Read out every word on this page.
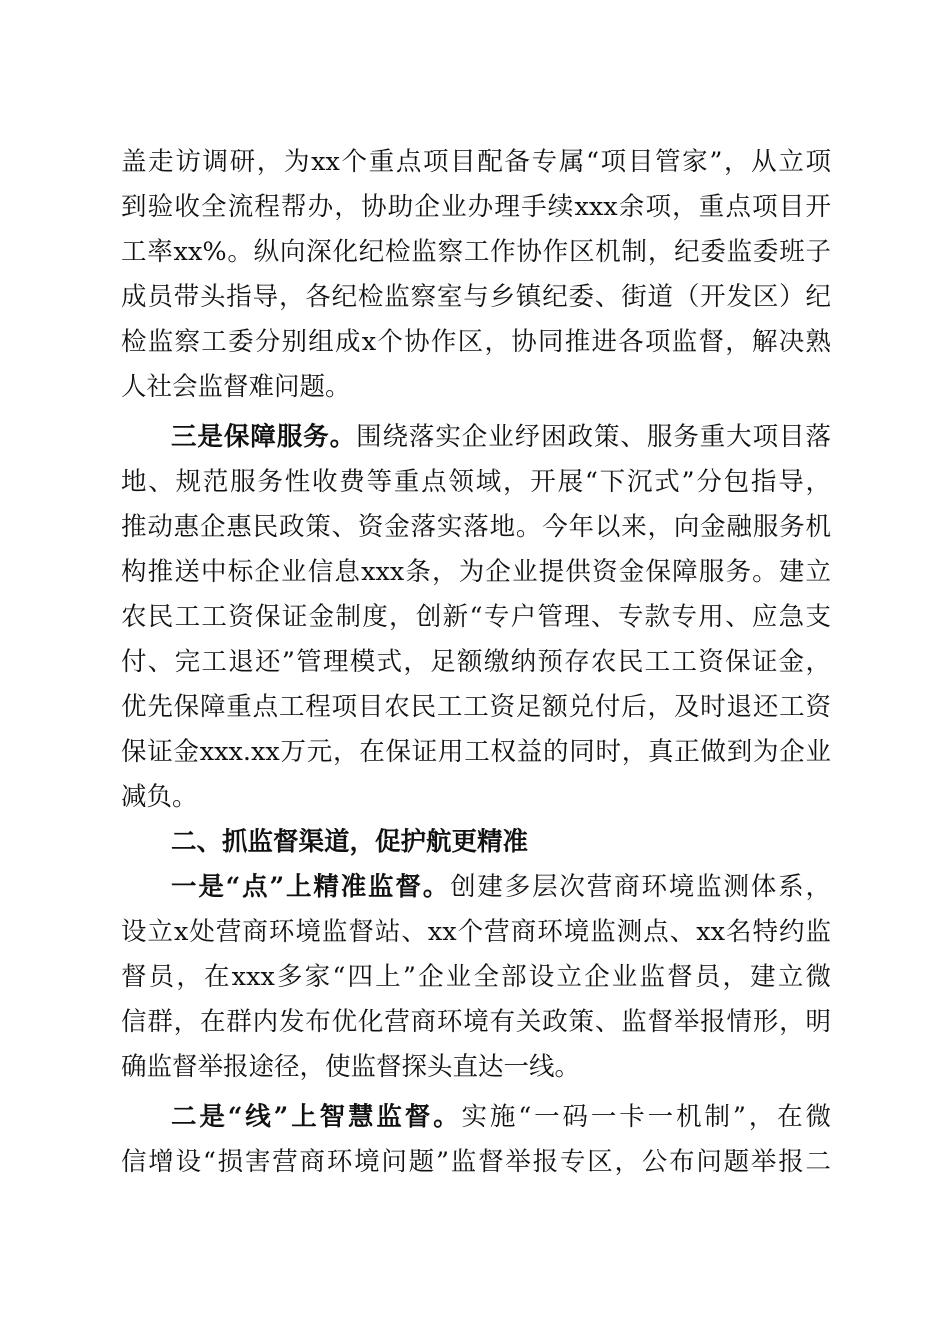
盖走访调研，为xx个重点项目配备专属“项目管家”，从立项
到验收全流程帮办，协助企业办理手续xxx余项，重点项目开
工率xx%。纵向深化纪检监察工作协作区机制，纪委监委班子
成员带头指导，各纪检监察室与乡镇纪委、街道（开发区）纪
检监察工委分别组成x个协作区，协同推进各项监督，解决熟
人社会监督难问题。
三是保障服务。围绕落实企业纾困政策、服务重大项目落
地、规范服务性收费等重点领域，开展“下沉式”分包指导，
推动惠企惠民政策、资金落实落地。今年以来，向金融服务机
构推送中标企业信息xxx条，为企业提供资金保障服务。建立
农民工工资保证金制度，创新“专户管理、专款专用、应急支
付、完工退还”管理模式，足额缴纳预存农民工工资保证金，
优先保障重点工程项目农民工工资足额兑付后，及时退还工资
保证金xxx.xx万元，在保证用工权益的同时，真正做到为企业
减负。
二、抓监督渠道，促护航更精准
一是“点”上精准监督。创建多层次营商环境监测体系，
设立x处营商环境监督站、xx个营商环境监测点、xx名特约监
督员，在xxx多家“四上”企业全部设立企业监督员，建立微
信群，在群内发布优化营商环境有关政策、监督举报情形，明
确监督举报途径，使监督探头直达一线。
二是“线”上智慧监督。实施“一码一卡一机制”，在微
信增设“损害营商环境问题”监督举报专区，公布问题举报二
